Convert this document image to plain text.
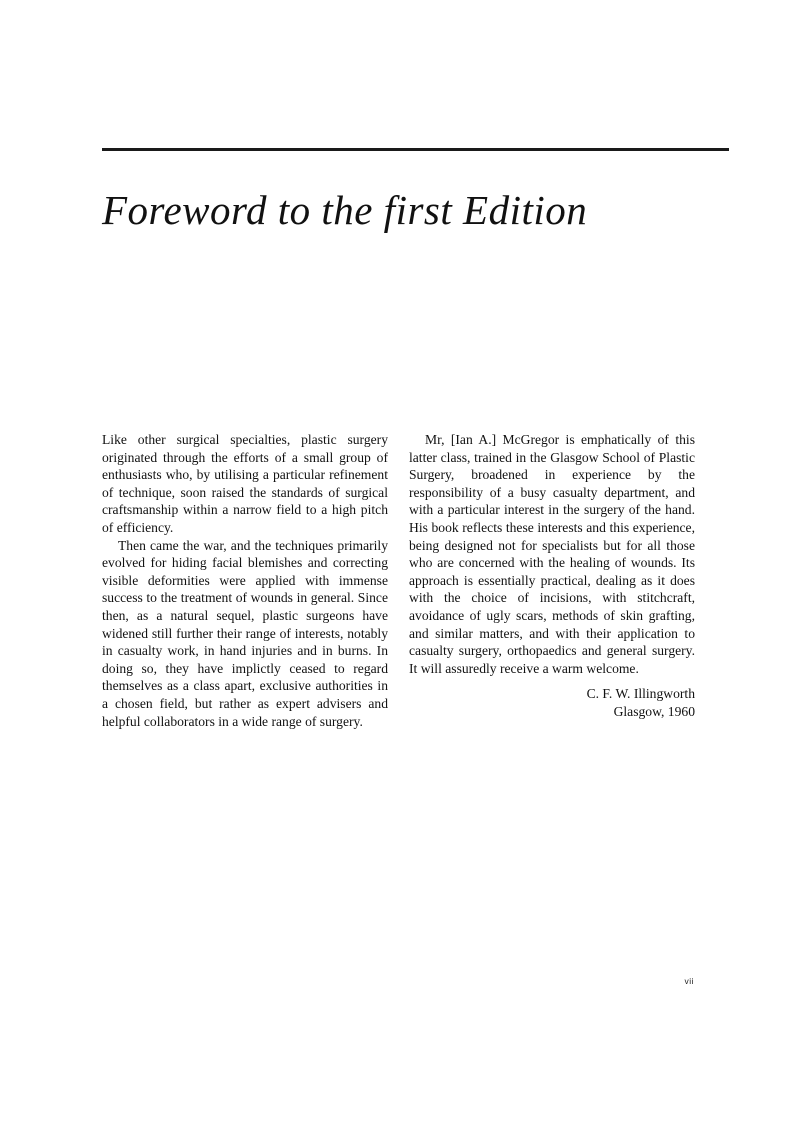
Foreword to the first Edition

Like other surgical specialties, plastic surgery originated through the efforts of a small group of enthusiasts who, by utilising a particular refinement of technique, soon raised the standards of surgical craftsmanship within a narrow field to a high pitch of efficiency.

Then came the war, and the techniques primarily evolved for hiding facial blemishes and correcting visible deformities were applied with immense success to the treatment of wounds in general. Since then, as a natural sequel, plastic surgeons have widened still further their range of interests, notably in casualty work, in hand injuries and in burns. In doing so, they have implictly ceased to regard themselves as a class apart, exclusive authorities in a chosen field, but rather as expert advisers and helpful collaborators in a wide range of surgery.

Mr, [Ian A.] McGregor is emphatically of this latter class, trained in the Glasgow School of Plastic Surgery, broadened in experience by the responsibility of a busy casualty department, and with a particular interest in the surgery of the hand. His book reflects these interests and this experience, being designed not for specialists but for all those who are concerned with the healing of wounds. Its approach is essentially practical, dealing as it does with the choice of incisions, with stitchcraft, avoidance of ugly scars, methods of skin grafting, and similar matters, and with their application to casualty surgery, orthopaedics and general surgery. It will assuredly receive a warm welcome.

C. F. W. Illingworth
Glasgow, 1960
vii
